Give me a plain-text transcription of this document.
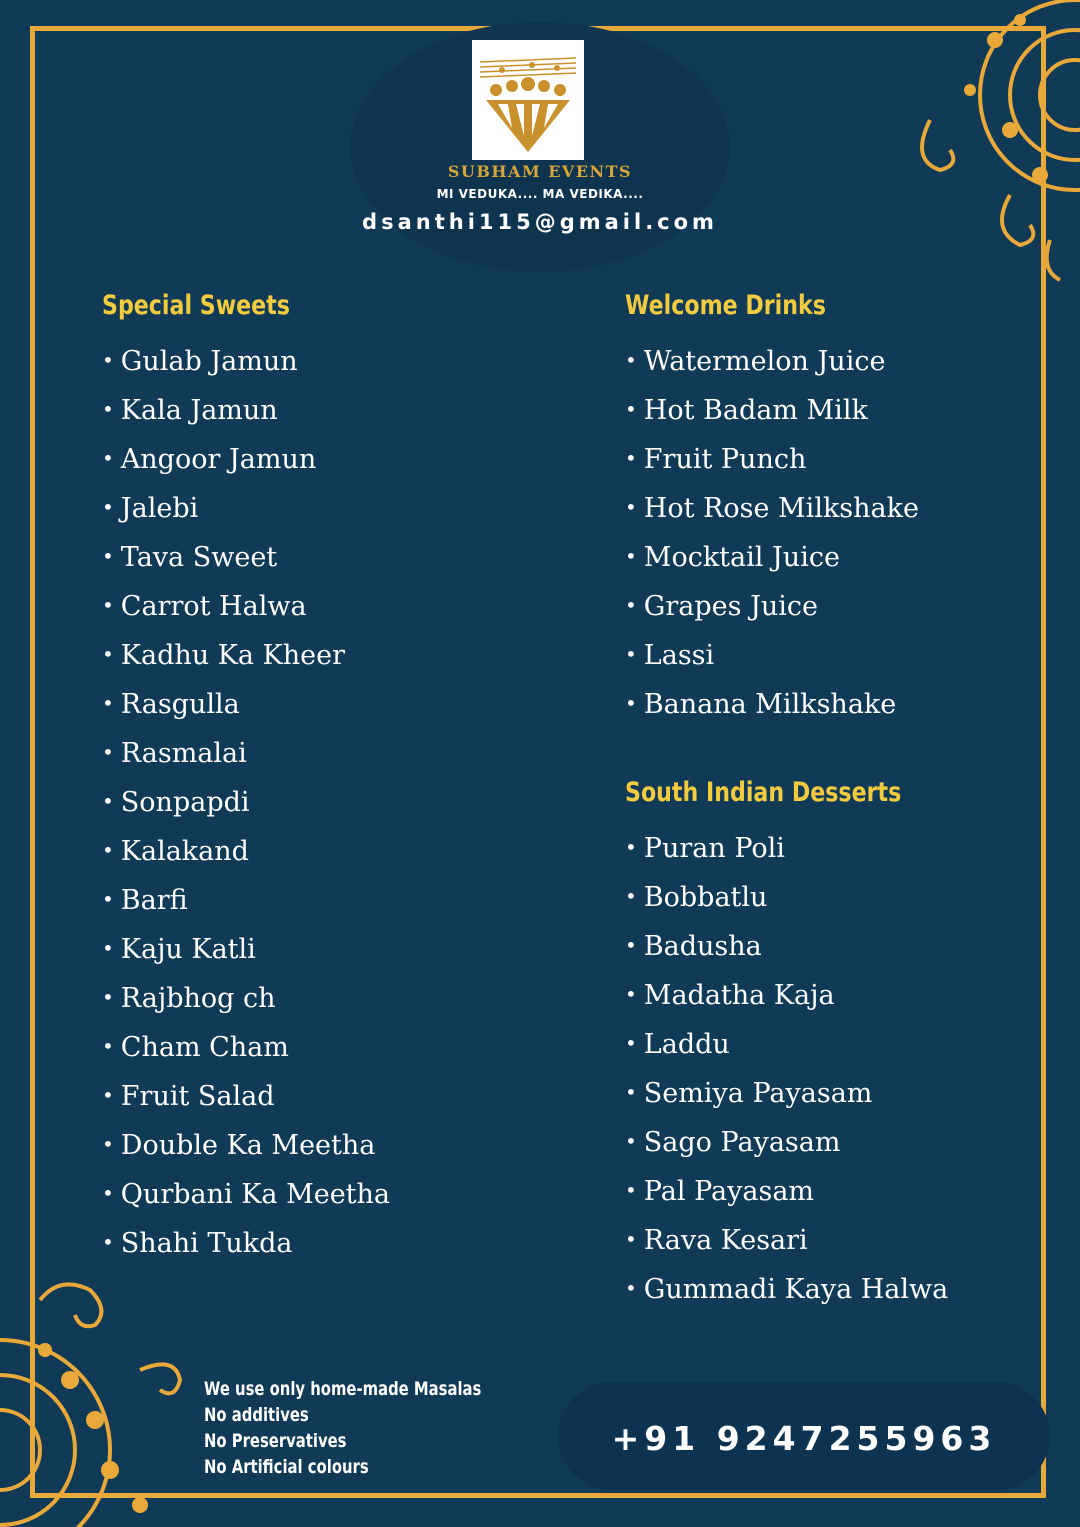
SUBHAM EVENTS
MI VEDUKA.... MA VEDIKA....
dsanthi115@gmail.com
Special Sweets
• Gulab Jamun
• Kala Jamun
• Angoor Jamun
• Jalebi
• Tava Sweet
• Carrot Halwa
• Kadhu Ka Kheer
• Rasgulla
• Rasmalai
• Sonpapdi
• Kalakand
• Barfi
• Kaju Katli
• Rajbhog ch
• Cham Cham
• Fruit Salad
• Double Ka Meetha
• Qurbani Ka Meetha
• Shahi Tukda
Welcome Drinks
• Watermelon Juice
• Hot Badam Milk
• Fruit Punch
• Hot Rose Milkshake
• Mocktail Juice
• Grapes Juice
• Lassi
• Banana Milkshake
South Indian Desserts
• Puran Poli
• Bobbatlu
• Badusha
• Madatha Kaja
• Laddu
• Semiya Payasam
• Sago Payasam
• Pal Payasam
• Rava Kesari
• Gummadi Kaya Halwa
We use only home-made Masalas
No additives
No Preservatives
No Artificial colours
+91 9247255963
